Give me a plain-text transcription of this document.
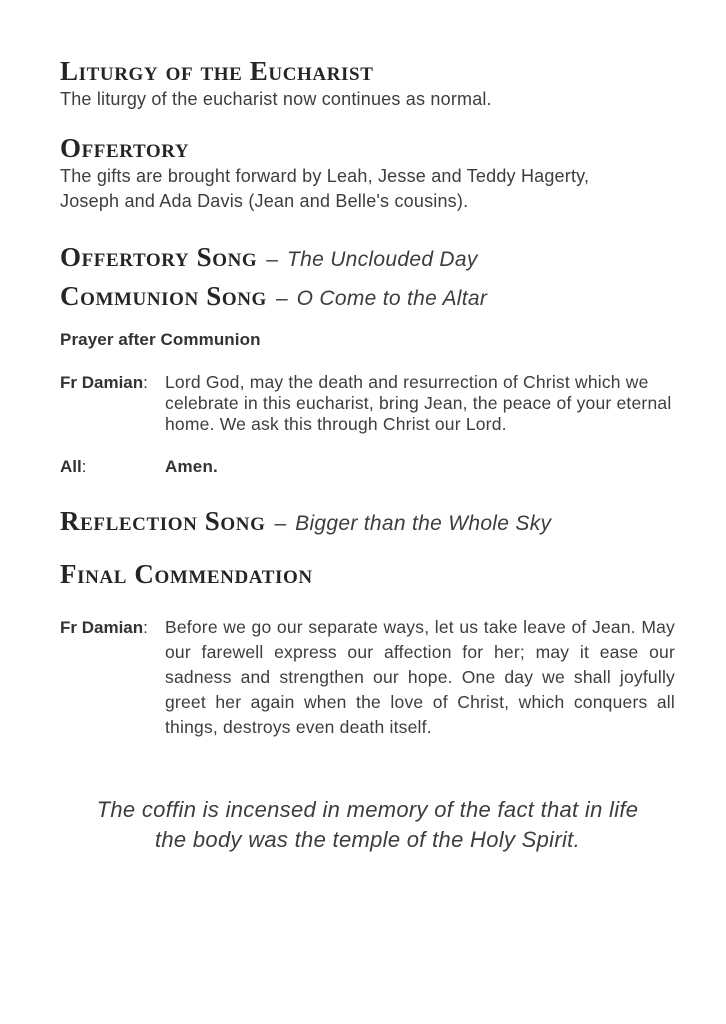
Liturgy of the Eucharist

The liturgy of the eucharist now continues as normal.

Offertory

The gifts are brought forward by Leah, Jesse and Teddy Hagerty,
Joseph and Ada Davis (Jean and Belle's cousins).

Offertory Song – The Unclouded Day
Communion Song – O Come to the Altar
Prayer after Communion
Fr Damian: Lord God, may the death and resurrection of Christ which we celebrate in this eucharist, bring Jean, the peace of your eternal home. We ask this through Christ our Lord.
All:	Amen.
Reflection Song – Bigger than the Whole Sky
Final Commendation
Fr Damian: Before we go our separate ways, let us take leave of Jean. May our farewell express our affection for her; may it ease our sadness and strengthen our hope. One day we shall joyfully greet her again when the love of Christ, which conquers all things, destroys even death itself.
The coffin is incensed in memory of the fact that in life
the body was the temple of the Holy Spirit.
